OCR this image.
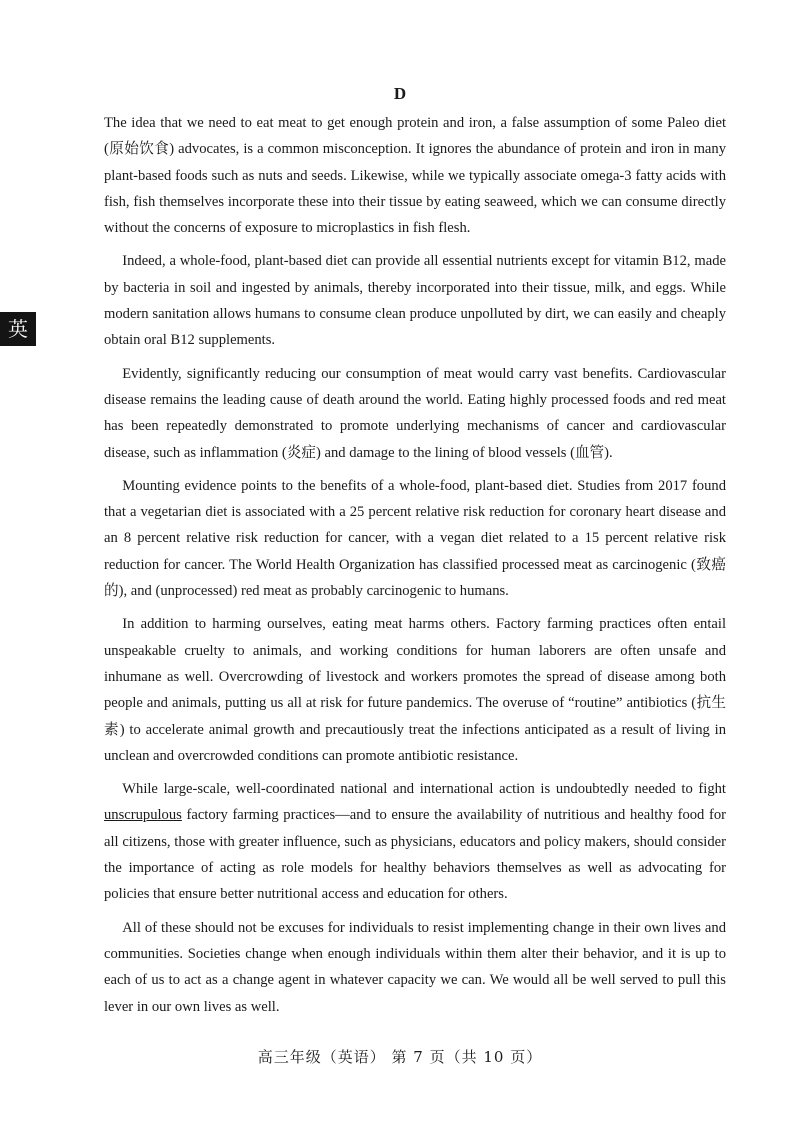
英
D

The idea that we need to eat meat to get enough protein and iron, a false assumption of some Paleo diet (原始饮食) advocates, is a common misconception. It ignores the abundance of protein and iron in many plant-based foods such as nuts and seeds. Likewise, while we typically associate omega-3 fatty acids with fish, fish themselves incorporate these into their tissue by eating seaweed, which we can consume directly without the concerns of exposure to microplastics in fish flesh.

Indeed, a whole-food, plant-based diet can provide all essential nutrients except for vitamin B12, made by bacteria in soil and ingested by animals, thereby incorporated into their tissue, milk, and eggs. While modern sanitation allows humans to consume clean produce unpolluted by dirt, we can easily and cheaply obtain oral B12 supplements.

Evidently, significantly reducing our consumption of meat would carry vast benefits. Cardiovascular disease remains the leading cause of death around the world. Eating highly processed foods and red meat has been repeatedly demonstrated to promote underlying mechanisms of cancer and cardiovascular disease, such as inflammation (炎症) and damage to the lining of blood vessels (血管).

Mounting evidence points to the benefits of a whole-food, plant-based diet. Studies from 2017 found that a vegetarian diet is associated with a 25 percent relative risk reduction for coronary heart disease and an 8 percent relative risk reduction for cancer, with a vegan diet related to a 15 percent relative risk reduction for cancer. The World Health Organization has classified processed meat as carcinogenic (致癌的), and (unprocessed) red meat as probably carcinogenic to humans.

In addition to harming ourselves, eating meat harms others. Factory farming practices often entail unspeakable cruelty to animals, and working conditions for human laborers are often unsafe and inhumane as well. Overcrowding of livestock and workers promotes the spread of disease among both people and animals, putting us all at risk for future pandemics. The overuse of “routine” antibiotics (抗生素) to accelerate animal growth and precautiously treat the infections anticipated as a result of living in unclean and overcrowded conditions can promote antibiotic resistance.

While large-scale, well-coordinated national and international action is undoubtedly needed to fight unscrupulous factory farming practices—and to ensure the availability of nutritious and healthy food for all citizens, those with greater influence, such as physicians, educators and policy makers, should consider the importance of acting as role models for healthy behaviors themselves as well as advocating for policies that ensure better nutritional access and education for others.

All of these should not be excuses for individuals to resist implementing change in their own lives and communities. Societies change when enough individuals within them alter their behavior, and it is up to each of us to act as a change agent in whatever capacity we can. We would all be well served to pull this lever in our own lives as well.

高三年级（英语） 第 7 页（共 10 页）
